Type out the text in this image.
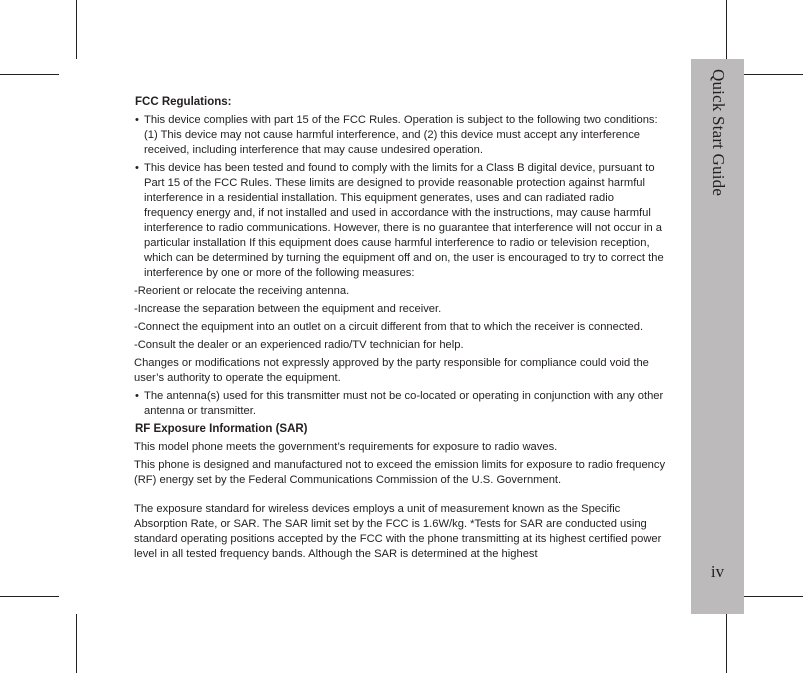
Quick Start Guide
iv
FCC Regulations:
• This device complies with part 15 of the FCC Rules. Operation is subject to the following two conditions: (1) This device may not cause harmful interference, and (2) this device must accept any interference received, including interference that may cause undesired operation.
• This device has been tested and found to comply with the limits for a Class B digital device, pursuant to Part 15 of the FCC Rules. These limits are designed to provide reasonable protection against harmful interference in a residential installation. This equipment generates, uses and can radiated radio frequency energy and, if not installed and used in accordance with the instructions, may cause harmful interference to radio communications. However, there is no guarantee that interference will not occur in a particular installation If this equipment does cause harmful interference to radio or television reception, which can be determined by turning the equipment off and on, the user is encouraged to try to correct the interference by one or more of the following measures:
-Reorient or relocate the receiving antenna.
-Increase the separation between the equipment and receiver.
-Connect the equipment into an outlet on a circuit different from that to which the receiver is connected.
-Consult the dealer or an experienced radio/TV technician for help.
Changes or modifications not expressly approved by the party responsible for compliance could void the user’s authority to operate the equipment.
• The antenna(s) used for this transmitter must not be co-located or operating in conjunction with any other antenna or transmitter.
RF Exposure Information (SAR)
This model phone meets the government’s requirements for exposure to radio waves.
This phone is designed and manufactured not to exceed the emission limits for exposure to radio frequency (RF) energy set by the Federal Communications Commission of the U.S. Government.
The exposure standard for wireless devices employs a unit of measurement known as the Specific Absorption Rate, or SAR. The SAR limit set by the FCC is 1.6W/kg. *Tests for SAR are conducted using standard operating positions accepted by the FCC with the phone transmitting at its highest certified power level in all tested frequency bands. Although the SAR is determined at the highest
